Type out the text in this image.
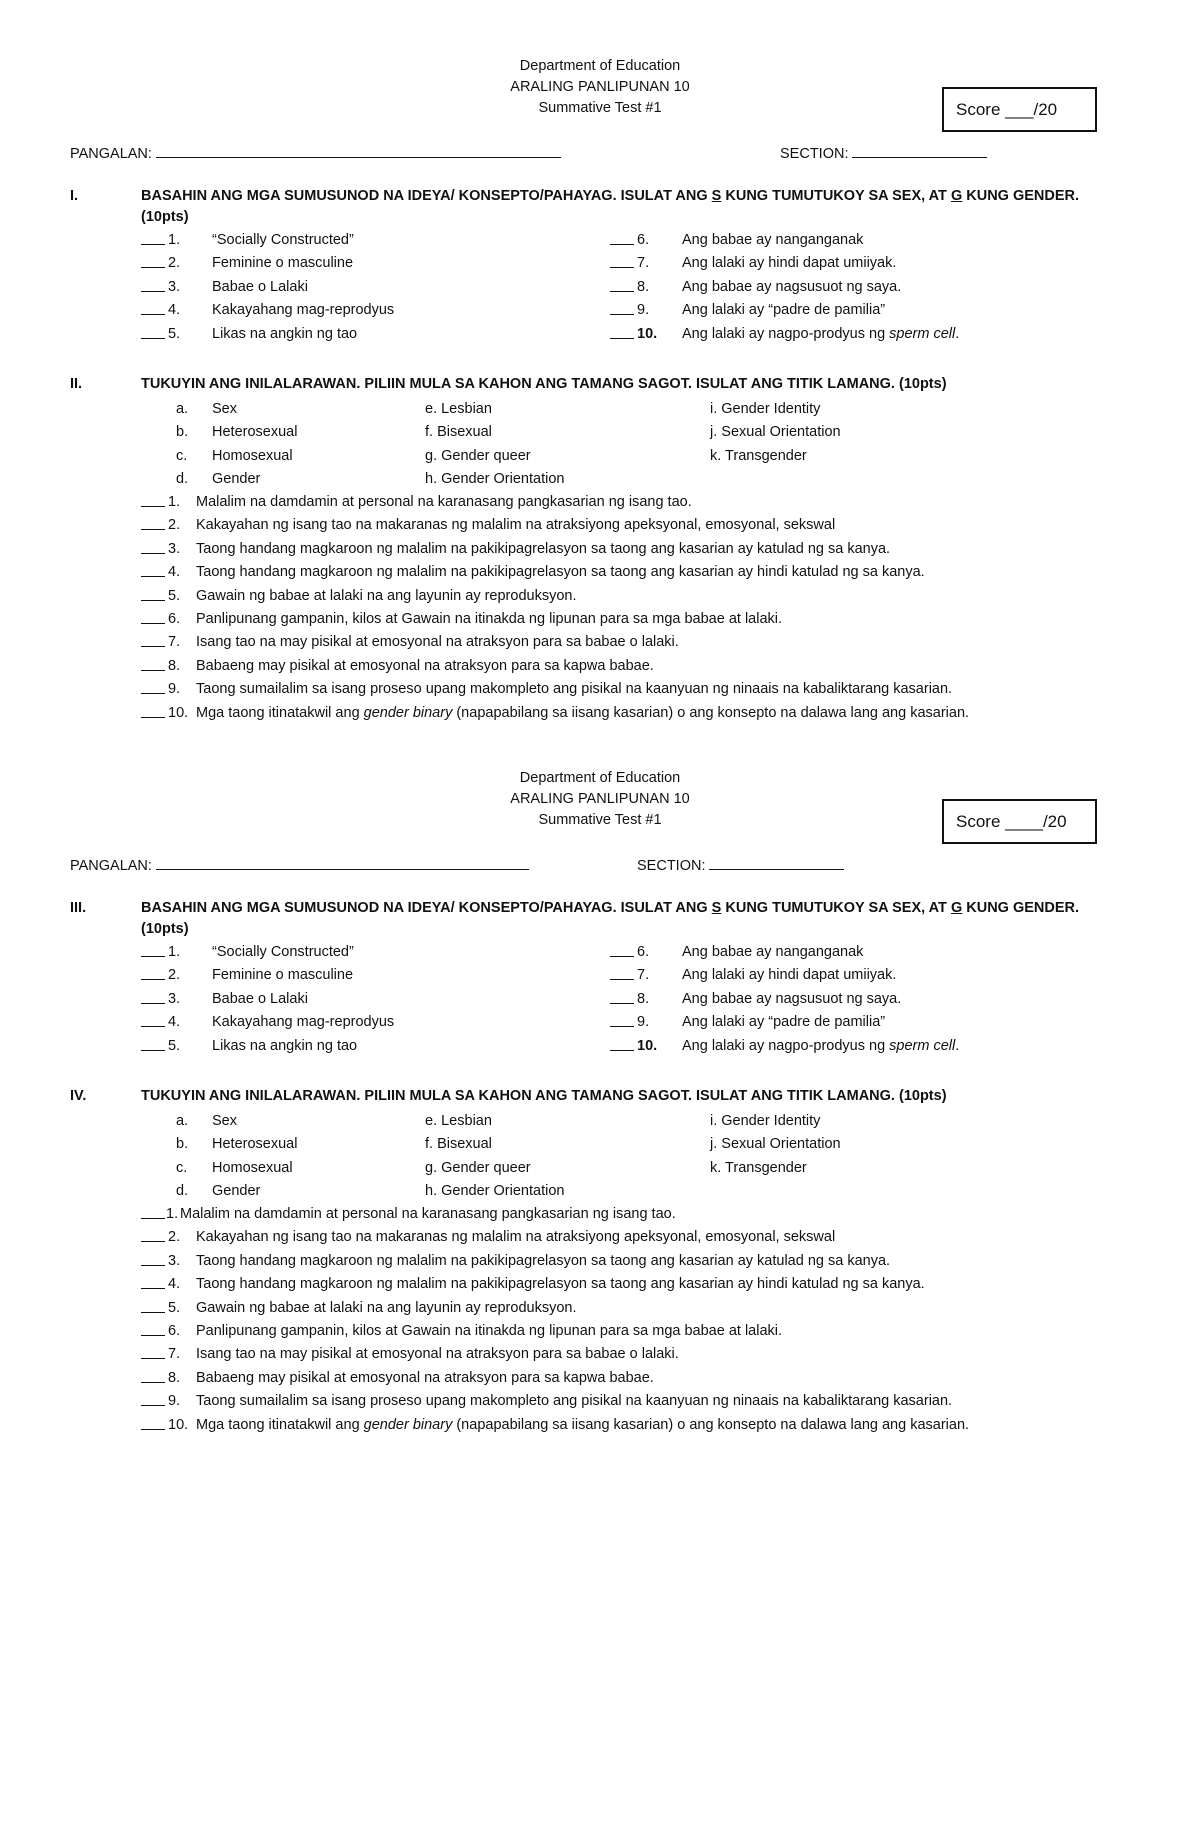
Department of Education
ARALING PANLIPUNAN 10
Summative Test #1	Score ___/20
PANGALAN:	SECTION:
I.	BASAHIN ANG MGA SUMUSUNOD NA IDEYA/ KONSEPTO/PAHAYAG. ISULAT ANG S KUNG TUMUTUKOY SA SEX, AT G KUNG GENDER.
(10pts)
1. “Socially Constructed”
2. Feminine o masculine
3. Babae o Lalaki
4. Kakayahang mag-reprodyus
5. Likas na angkin ng tao
6. Ang babae ay nanganganak
7. Ang lalaki ay hindi dapat umiiyak.
8. Ang babae ay nagsusuot ng saya.
9. Ang lalaki ay “padre de pamilia”
10. Ang lalaki ay nagpo-prodyus ng sperm cell.
II.	TUKUYIN ANG INILALARAWAN. PILIIN MULA SA KAHON ANG TAMANG SAGOT. ISULAT ANG TITIK LAMANG. (10pts)
a. Sex
b. Heterosexual
c. Homosexual
d. Gender
e. Lesbian
f. Bisexual
g. Gender queer
h. Gender Orientation
i. Gender Identity
j. Sexual Orientation
k. Transgender
1. Malalim na damdamin at personal na karanasang pangkasarian ng isang tao.
2. Kakayahan ng isang tao na makaranas ng malalim na atraksiyong apeksyonal, emosyonal, sekswal
3. Taong handang magkaroon ng malalim na pakikipagrelasyon sa taong ang kasarian ay katulad ng sa kanya.
4. Taong handang magkaroon ng malalim na pakikipagrelasyon sa taong ang kasarian ay hindi katulad ng sa kanya.
5. Gawain ng babae at lalaki na ang layunin ay reproduksyon.
6. Panlipunang gampanin, kilos at Gawain na itinakda ng lipunan para sa mga babae at lalaki.
7. Isang tao na may pisikal at emosyonal na atraksyon para sa babae o lalaki.
8. Babaeng may pisikal at emosyonal na atraksyon para sa kapwa babae.
9. Taong sumailalim sa isang proseso upang makompleto ang pisikal na kaanyuan ng ninaais na kabaliktarang kasarian.
10. Mga taong itinatakwil ang gender binary (napapabilang sa iisang kasarian) o ang konsepto na dalawa lang ang kasarian.
Department of Education
ARALING PANLIPUNAN 10
Summative Test #1	Score ____/20
PANGALAN:	SECTION:
III.	BASAHIN ANG MGA SUMUSUNOD NA IDEYA/ KONSEPTO/PAHAYAG. ISULAT ANG S KUNG TUMUTUKOY SA SEX, AT G KUNG GENDER.
(10pts)
1. “Socially Constructed”
2. Feminine o masculine
3. Babae o Lalaki
4. Kakayahang mag-reprodyus
5. Likas na angkin ng tao
6. Ang babae ay nanganganak
7. Ang lalaki ay hindi dapat umiiyak.
8. Ang babae ay nagsusuot ng saya.
9. Ang lalaki ay “padre de pamilia”
10. Ang lalaki ay nagpo-prodyus ng sperm cell.
IV.	TUKUYIN ANG INILALARAWAN. PILIIN MULA SA KAHON ANG TAMANG SAGOT. ISULAT ANG TITIK LAMANG. (10pts)
a. Sex
b. Heterosexual
c. Homosexual
d. Gender
e. Lesbian
f. Bisexual
g. Gender queer
h. Gender Orientation
i. Gender Identity
j. Sexual Orientation
k. Transgender
1. Malalim na damdamin at personal na karanasang pangkasarian ng isang tao.
2. Kakayahan ng isang tao na makaranas ng malalim na atraksiyong apeksyonal, emosyonal, sekswal
3. Taong handang magkaroon ng malalim na pakikipagrelasyon sa taong ang kasarian ay katulad ng sa kanya.
4. Taong handang magkaroon ng malalim na pakikipagrelasyon sa taong ang kasarian ay hindi katulad ng sa kanya.
5. Gawain ng babae at lalaki na ang layunin ay reproduksyon.
6. Panlipunang gampanin, kilos at Gawain na itinakda ng lipunan para sa mga babae at lalaki.
7. Isang tao na may pisikal at emosyonal na atraksyon para sa babae o lalaki.
8. Babaeng may pisikal at emosyonal na atraksyon para sa kapwa babae.
9. Taong sumailalim sa isang proseso upang makompleto ang pisikal na kaanyuan ng ninaais na kabaliktarang kasarian.
10. Mga taong itinatakwil ang gender binary (napapabilang sa iisang kasarian) o ang konsepto na dalawa lang ang kasarian.
